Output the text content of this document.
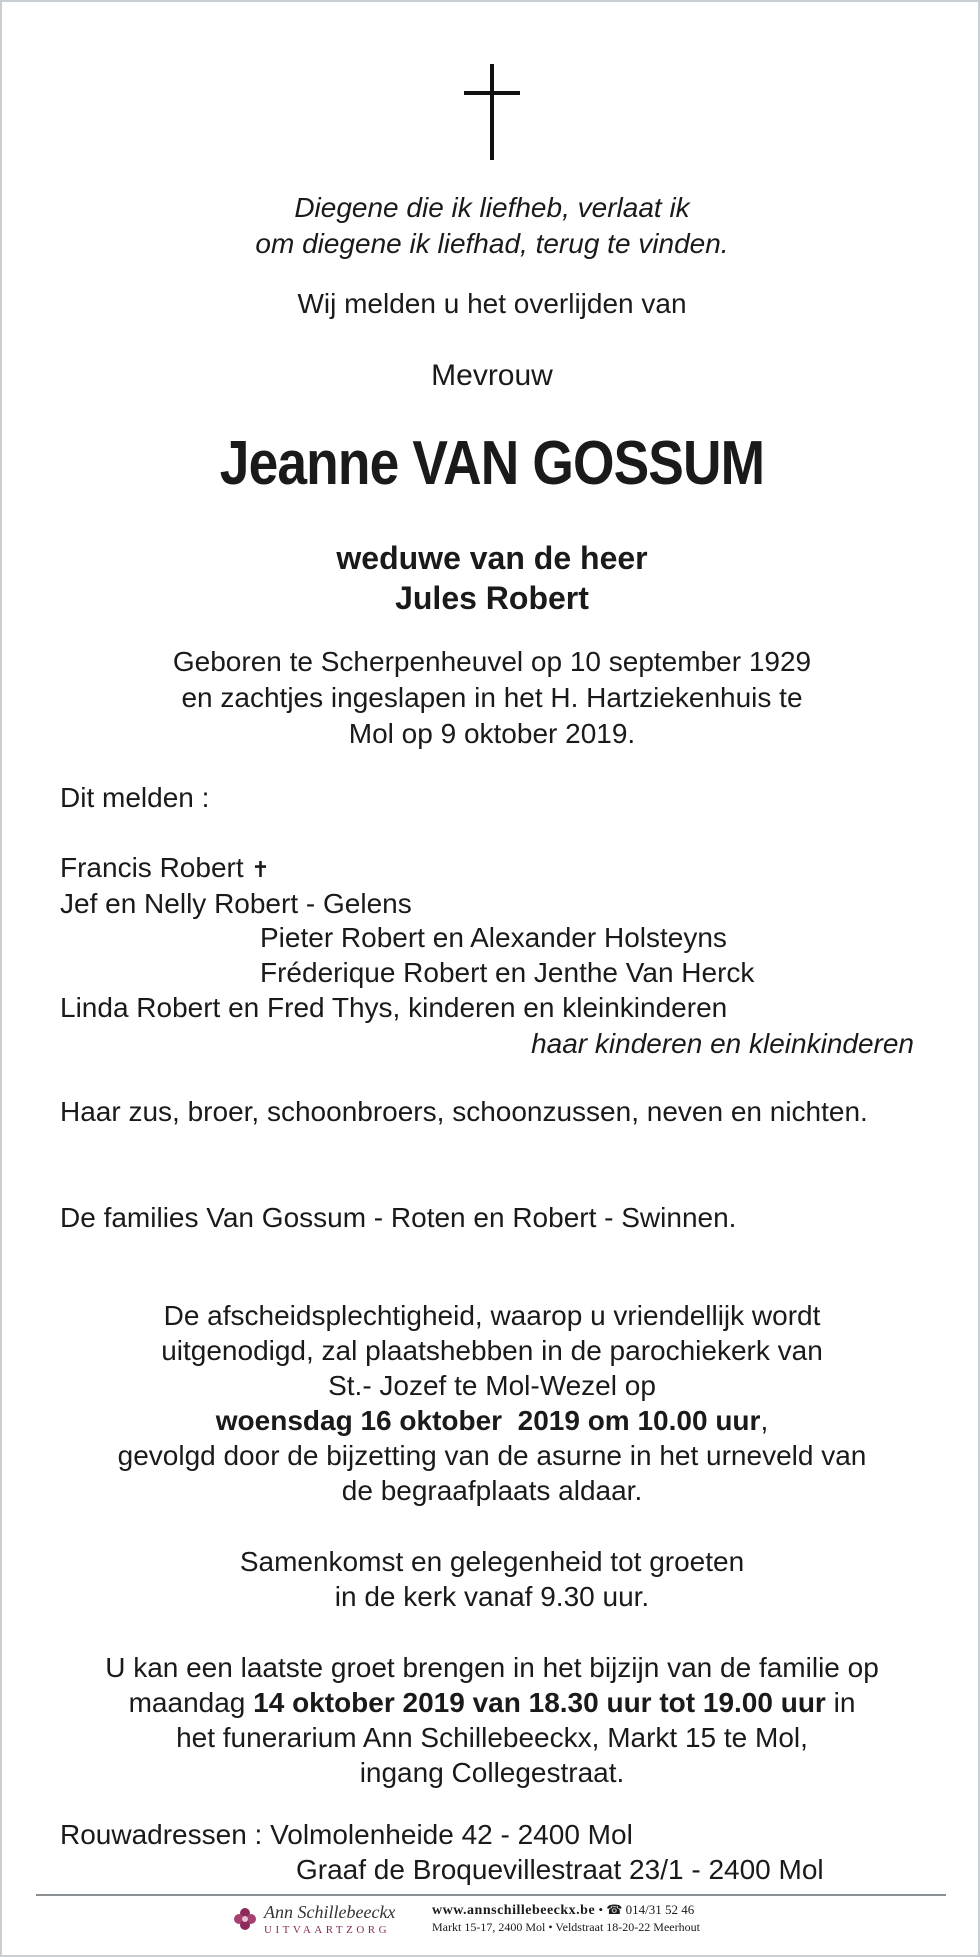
Diegene die ik liefheb, verlaat ik
om diegene ik liefhad, terug te vinden.
Wij melden u het overlijden van
Mevrouw
Jeanne VAN GOSSUM
weduwe van de heer
Jules Robert
Geboren te Scherpenheuvel op 10 september 1929
en zachtjes ingeslapen in het H. Hartziekenhuis te
Mol op 9 oktober 2019.
Dit melden :
Francis Robert ✝
Jef en Nelly Robert - Gelens
Pieter Robert en Alexander Holsteyns
Fréderique Robert en Jenthe Van Herck
Linda Robert en Fred Thys, kinderen en kleinkinderen
haar kinderen en kleinkinderen
Haar zus, broer, schoonbroers, schoonzussen, neven en nichten.
De families Van Gossum - Roten en Robert - Swinnen.
De afscheidsplechtigheid, waarop u vriendellijk wordt
uitgenodigd, zal plaatshebben in de parochiekerk van
St.- Jozef te Mol-Wezel op
woensdag 16 oktober  2019 om 10.00 uur,
gevolgd door de bijzetting van de asurne in het urneveld van
de begraafplaats aldaar.
Samenkomst en gelegenheid tot groeten
in de kerk vanaf 9.30 uur.
U kan een laatste groet brengen in het bijzijn van de familie op
maandag 14 oktober 2019 van 18.30 uur tot 19.00 uur in
het funerarium Ann Schillebeeckx, Markt 15 te Mol,
ingang Collegestraat.
Rouwadressen : Volmolenheide 42 - 2400 Mol
Graaf de Broquevillestraat 23/1 - 2400 Mol
Ann Schillebeeckx
UITVAARTZORG
www.annschillebeeckx.be • ☎ 014/31 52 46
Markt 15-17, 2400 Mol • Veldstraat 18-20-22 Meerhout
